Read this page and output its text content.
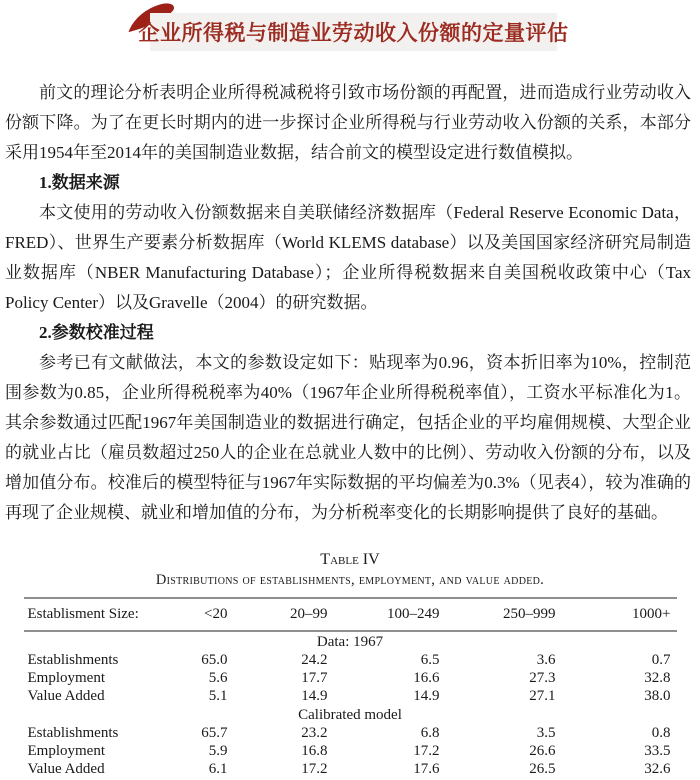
企业所得税与制造业劳动收入份额的定量评估

前文的理论分析表明企业所得税减税将引致市场份额的再配置，进而造成行业劳动收入份额下降。为了在更长时期内的进一步探讨企业所得税与行业劳动收入份额的关系，本部分采用1954年至2014年的美国制造业数据，结合前文的模型设定进行数值模拟。

1.数据来源

本文使用的劳动收入份额数据来自美联储经济数据库（Federal Reserve Economic Data，FRED）、世界生产要素分析数据库（World KLEMS database）以及美国国家经济研究局制造业数据库（NBER Manufacturing Database）；企业所得税数据来自美国税收政策中心（Tax Policy Center）以及Gravelle（2004）的研究数据。

2.参数校准过程

参考已有文献做法，本文的参数设定如下：贴现率为0.96，资本折旧率为10%，控制范围参数为0.85，企业所得税税率为40%（1967年企业所得税税率值），工资水平标准化为1。其余参数通过匹配1967年美国制造业的数据进行确定，包括企业的平均雇佣规模、大型企业的就业占比（雇员数超过250人的企业在总就业人数中的比例）、劳动收入份额的分布，以及增加值分布。校准后的模型特征与1967年实际数据的平均偏差为0.3%（见表4），较为准确的再现了企业规模、就业和增加值的分布，为分析税率变化的长期影响提供了良好的基础。

Table IV
Distributions of establishments, employment, and value added.
Establisment Size:	<20	20–99	100–249	250–999	1000+
Data: 1967					
Establishments	65.0	24.2	6.5	3.6	0.7
Employment	5.6	17.7	16.6	27.3	32.8
Value Added	5.1	14.9	14.9	27.1	38.0
Calibrated model					
Establishments	65.7	23.2	6.8	3.5	0.8
Employment	5.9	16.8	17.2	26.6	33.5
Value Added	6.1	17.2	17.6	26.5	32.6
